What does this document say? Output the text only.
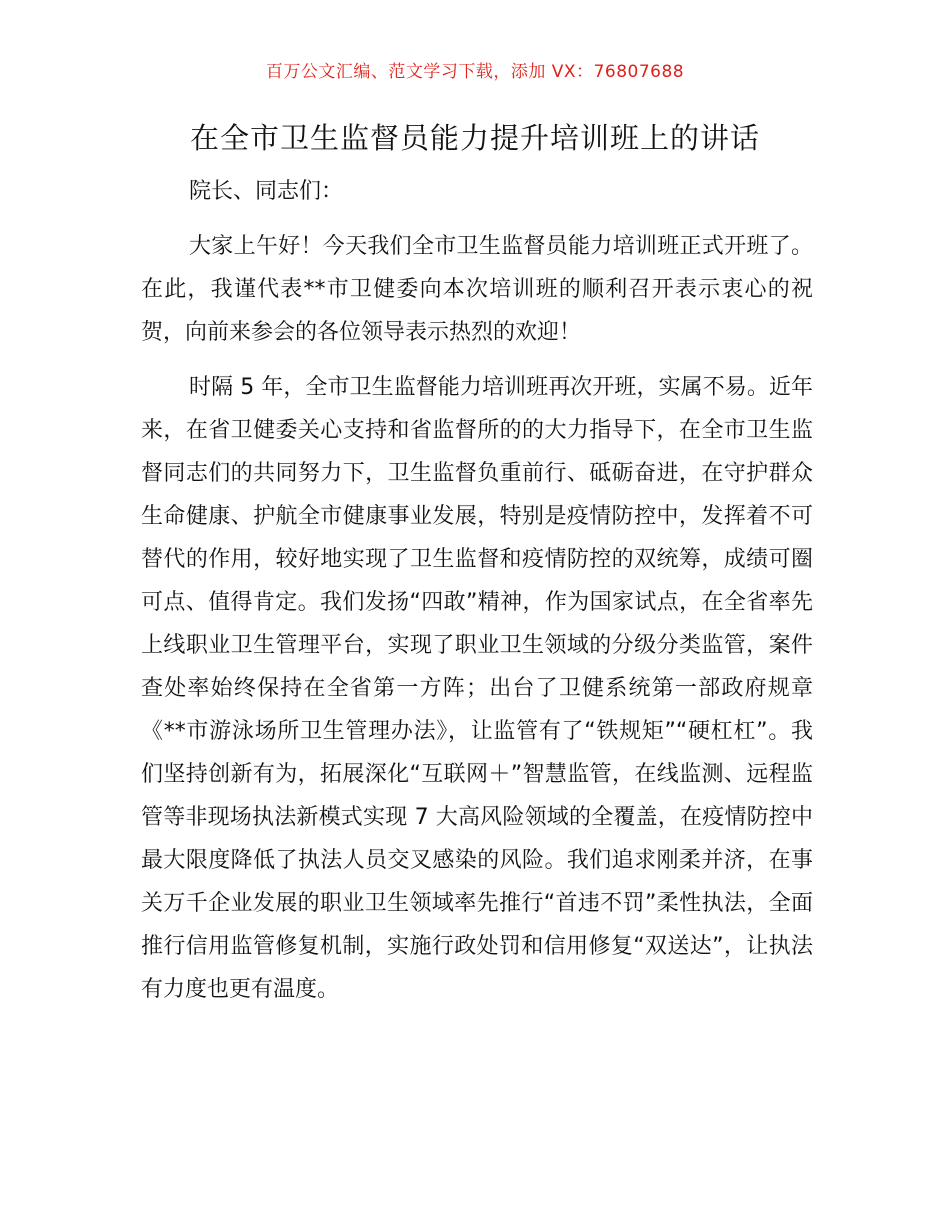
百万公文汇编、范文学习下载，添加 VX：76807688
在全市卫生监督员能力提升培训班上的讲话

院长、同志们：

大家上午好！今天我们全市卫生监督员能力培训班正式开班了。在此，我谨代表**市卫健委向本次培训班的顺利召开表示衷心的祝贺，向前来参会的各位领导表示热烈的欢迎！

时隔 5 年，全市卫生监督能力培训班再次开班，实属不易。近年来，在省卫健委关心支持和省监督所的的大力指导下，在全市卫生监督同志们的共同努力下，卫生监督负重前行、砥砺奋进，在守护群众生命健康、护航全市健康事业发展，特别是疫情防控中，发挥着不可替代的作用，较好地实现了卫生监督和疫情防控的双统筹，成绩可圈可点、值得肯定。我们发扬“四敢”精神，作为国家试点，在全省率先上线职业卫生管理平台，实现了职业卫生领域的分级分类监管，案件查处率始终保持在全省第一方阵；出台了卫健系统第一部政府规章《**市游泳场所卫生管理办法》，让监管有了“铁规矩”“硬杠杠”。我们坚持创新有为，拓展深化“互联网＋”智慧监管，在线监测、远程监管等非现场执法新模式实现 7 大高风险领域的全覆盖，在疫情防控中最大限度降低了执法人员交叉感染的风险。我们追求刚柔并济，在事关万千企业发展的职业卫生领域率先推行“首违不罚”柔性执法，全面推行信用监管修复机制，实施行政处罚和信用修复“双送达”，让执法有力度也更有温度。
